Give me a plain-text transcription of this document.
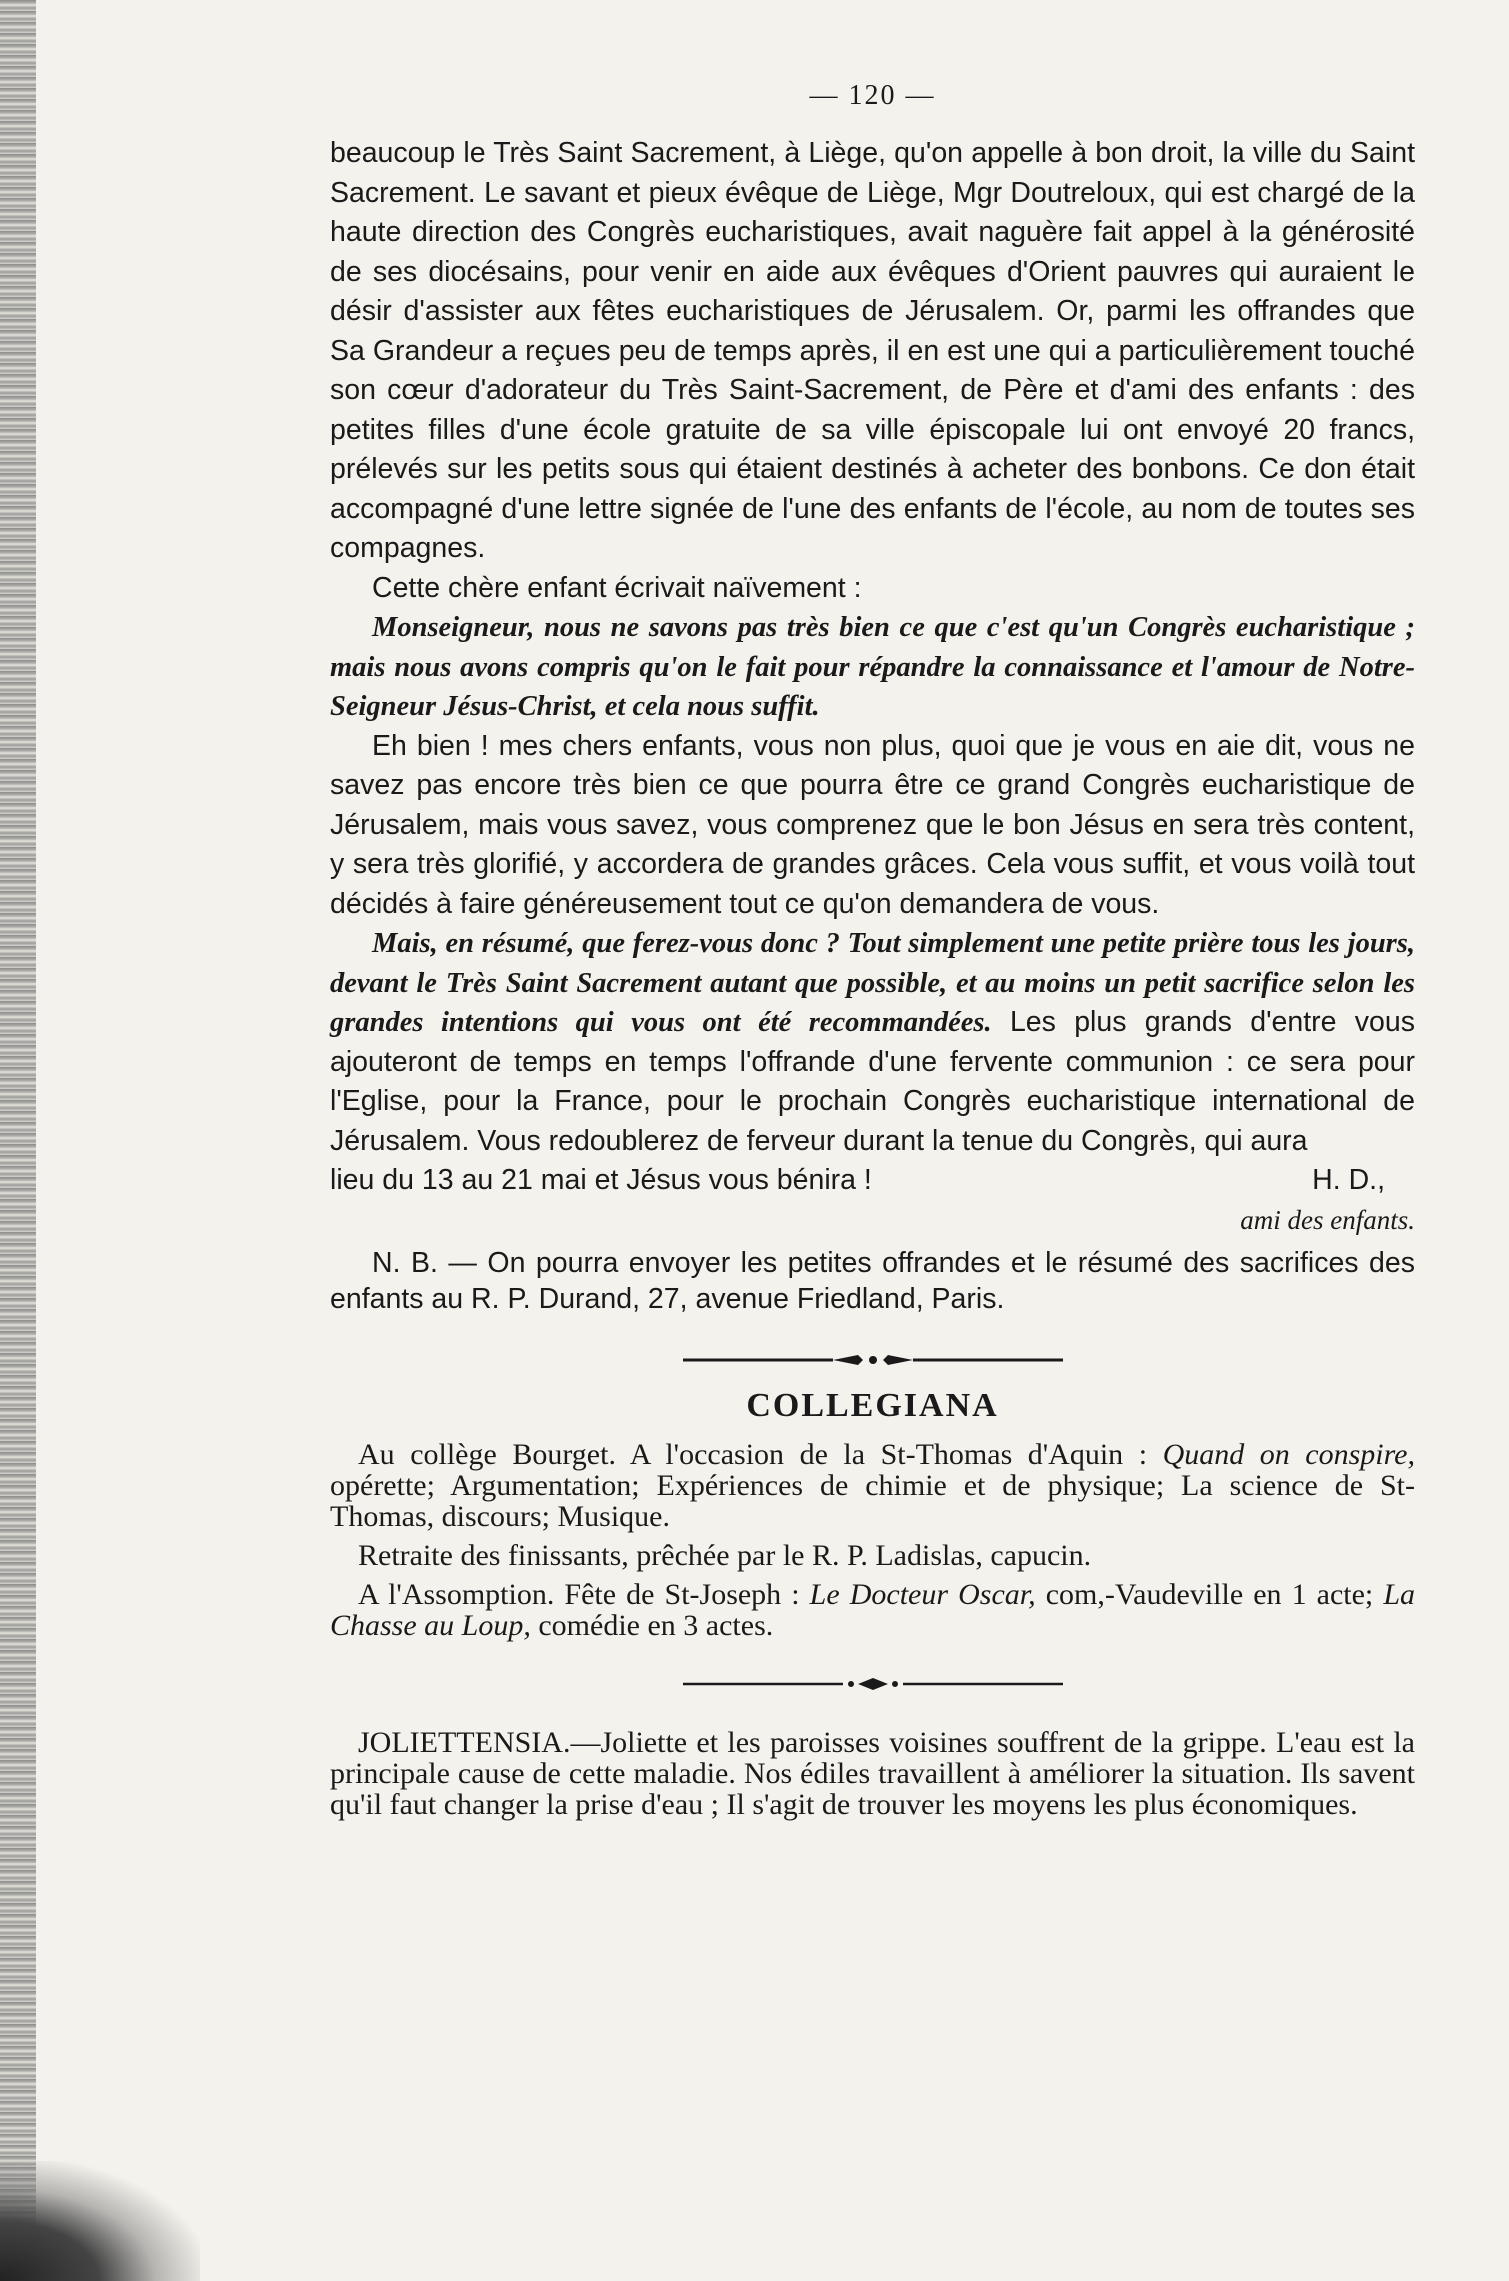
— 120 —

beaucoup le Très Saint Sacrement, à Liège, qu'on appelle à bon droit, la ville du Saint Sacrement. Le savant et pieux évêque de Liège, Mgr Doutreloux, qui est chargé de la haute direction des Congrès eucharistiques, avait naguère fait appel à la générosité de ses diocésains, pour venir en aide aux évêques d'Orient pauvres qui auraient le désir d'assister aux fêtes eucharistiques de Jérusalem. Or, parmi les offrandes que Sa Grandeur a reçues peu de temps après, il en est une qui a particulièrement touché son cœur d'adorateur du Très Saint-Sacrement, de Père et d'ami des enfants : des petites filles d'une école gratuite de sa ville épiscopale lui ont envoyé 20 francs, prélevés sur les petits sous qui étaient destinés à acheter des bonbons. Ce don était accompagné d'une lettre signée de l'une des enfants de l'école, au nom de toutes ses compagnes.

Cette chère enfant écrivait naïvement :

Monseigneur, nous ne savons pas très bien ce que c'est qu'un Congrès eucharistique ; mais nous avons compris qu'on le fait pour répandre la connaissance et l'amour de Notre-Seigneur Jésus-Christ, et cela nous suffit.

Eh bien ! mes chers enfants, vous non plus, quoi que je vous en aie dit, vous ne savez pas encore très bien ce que pourra être ce grand Congrès eucharistique de Jérusalem, mais vous savez, vous comprenez que le bon Jésus en sera très content, y sera très glorifié, y accordera de grandes grâces. Cela vous suffit, et vous voilà tout décidés à faire généreusement tout ce qu'on demandera de vous.

Mais, en résumé, que ferez-vous donc ? Tout simplement une petite prière tous les jours, devant le Très Saint Sacrement autant que possible, et au moins un petit sacrifice selon les grandes intentions qui vous ont été recommandées. Les plus grands d'entre vous ajouteront de temps en temps l'offrande d'une fervente communion : ce sera pour l'Eglise, pour la France, pour le prochain Congrès eucharistique international de Jérusalem. Vous redoublerez de ferveur durant la tenue du Congrès, qui aura

lieu du 13 au 21 mai et Jésus vous bénira !	H. D.,
ami des enfants.

N. B. — On pourra envoyer les petites offrandes et le résumé des sacrifices des enfants au R. P. Durand, 27, avenue Friedland, Paris.

COLLEGIANA

Au collège Bourget. A l'occasion de la St-Thomas d'Aquin : Quand on conspire, opérette; Argumentation; Expériences de chimie et de physique; La science de St-Thomas, discours; Musique.

Retraite des finissants, prêchée par le R. P. Ladislas, capucin.

A l'Assomption. Fête de St-Joseph : Le Docteur Oscar, com,-Vaudeville en 1 acte; La Chasse au Loup, comédie en 3 actes.

JOLIETTENSIA.—Joliette et les paroisses voisines souffrent de la grippe. L'eau est la principale cause de cette maladie. Nos édiles travaillent à améliorer la situation. Ils savent qu'il faut changer la prise d'eau ; Il s'agit de trouver les moyens les plus économiques.
